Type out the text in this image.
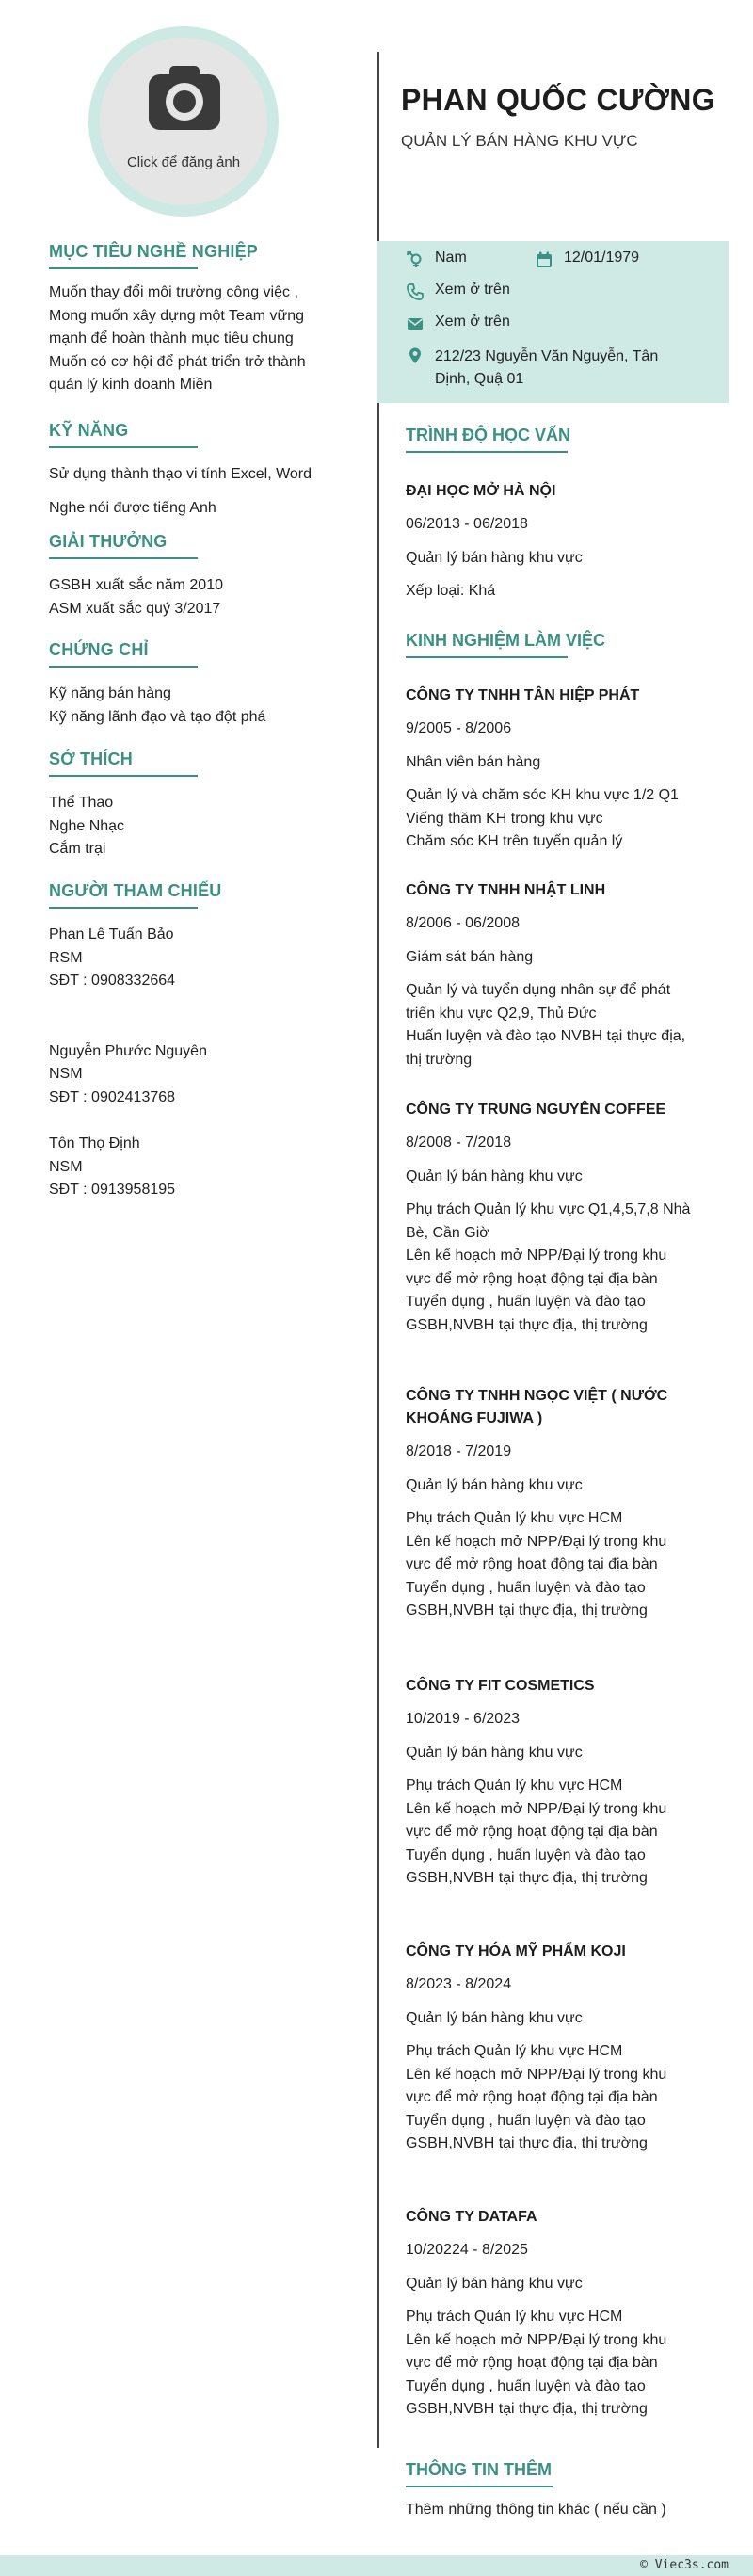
Click để đăng ảnh
MỤC TIÊU NGHỀ NGHIỆP
Muốn thay đổi môi trường công việc ,
Mong muốn xây dựng một Team vững
mạnh để hoàn thành mục tiêu chung
Muốn có cơ hội để phát triển trở thành
quản lý kinh doanh Miền
KỸ NĂNG
Sử dụng thành thạo vi tính Excel, Word
Nghe nói được tiếng Anh
GIẢI THƯỞNG
GSBH xuất sắc năm 2010
ASM xuất sắc quý 3/2017
CHỨNG CHỈ
Kỹ năng bán hàng
Kỹ năng lãnh đạo và tạo đột phá
SỞ THÍCH
Thể Thao
Nghe Nhạc
Cắm trại
NGƯỜI THAM CHIẾU
Phan Lê Tuấn Bảo
RSM
SĐT : 0908332664
Nguyễn Phước Nguyên
NSM
SĐT : 0902413768
Tôn Thọ Định
NSM
SĐT : 0913958195
PHAN QUỐC CƯỜNG
QUẢN LÝ BÁN HÀNG KHU VỰC
Nam	12/01/1979
Xem ở trên
Xem ở trên
212/23 Nguyễn Văn Nguyễn, Tân
Định, Quậ 01
TRÌNH ĐỘ HỌC VẤN
ĐẠI HỌC MỞ HÀ NỘI
06/2013 - 06/2018
Quản lý bán hàng khu vực
Xếp loại: Khá
KINH NGHIỆM LÀM VIỆC
CÔNG TY TNHH TÂN HIỆP PHÁT
9/2005 - 8/2006
Nhân viên bán hàng
Quản lý và chăm sóc KH khu vực 1/2 Q1
Viếng thăm KH trong khu vực
Chăm sóc KH trên tuyến quản lý
CÔNG TY TNHH NHẬT LINH
8/2006 - 06/2008
Giám sát bán hàng
Quản lý và tuyển dụng nhân sự để phát
triển khu vực Q2,9, Thủ Đức
Huấn luyện và đào tạo NVBH tại thực địa,
thị trường
CÔNG TY TRUNG NGUYÊN COFFEE
8/2008 - 7/2018
Quản lý bán hàng khu vực
Phụ trách Quản lý khu vực Q1,4,5,7,8 Nhà
Bè, Cần Giờ
Lên kế hoạch mở NPP/Đại lý trong khu
vực để mở rộng hoạt động tại địa bàn
Tuyển dụng , huấn luyện và đào tạo
GSBH,NVBH tại thực địa, thị trường
CÔNG TY TNHH NGỌC VIỆT ( NƯỚC
KHOÁNG FUJIWA )
8/2018 - 7/2019
Quản lý bán hàng khu vực
Phụ trách Quản lý khu vực HCM
Lên kế hoạch mở NPP/Đại lý trong khu
vực để mở rộng hoạt động tại địa bàn
Tuyển dụng , huấn luyện và đào tạo
GSBH,NVBH tại thực địa, thị trường
CÔNG TY FIT COSMETICS
10/2019 - 6/2023
Quản lý bán hàng khu vực
Phụ trách Quản lý khu vực HCM
Lên kế hoạch mở NPP/Đại lý trong khu
vực để mở rộng hoạt động tại địa bàn
Tuyển dụng , huấn luyện và đào tạo
GSBH,NVBH tại thực địa, thị trường
CÔNG TY HÓA MỸ PHẨM KOJI
8/2023 - 8/2024
Quản lý bán hàng khu vực
Phụ trách Quản lý khu vực HCM
Lên kế hoạch mở NPP/Đại lý trong khu
vực để mở rộng hoạt động tại địa bàn
Tuyển dụng , huấn luyện và đào tạo
GSBH,NVBH tại thực địa, thị trường
CÔNG TY DATAFA
10/20224 - 8/2025
Quản lý bán hàng khu vực
Phụ trách Quản lý khu vực HCM
Lên kế hoạch mở NPP/Đại lý trong khu
vực để mở rộng hoạt động tại địa bàn
Tuyển dụng , huấn luyện và đào tạo
GSBH,NVBH tại thực địa, thị trường
THÔNG TIN THÊM
Thêm những thông tin khác ( nếu cần )
© Viec3s.com
